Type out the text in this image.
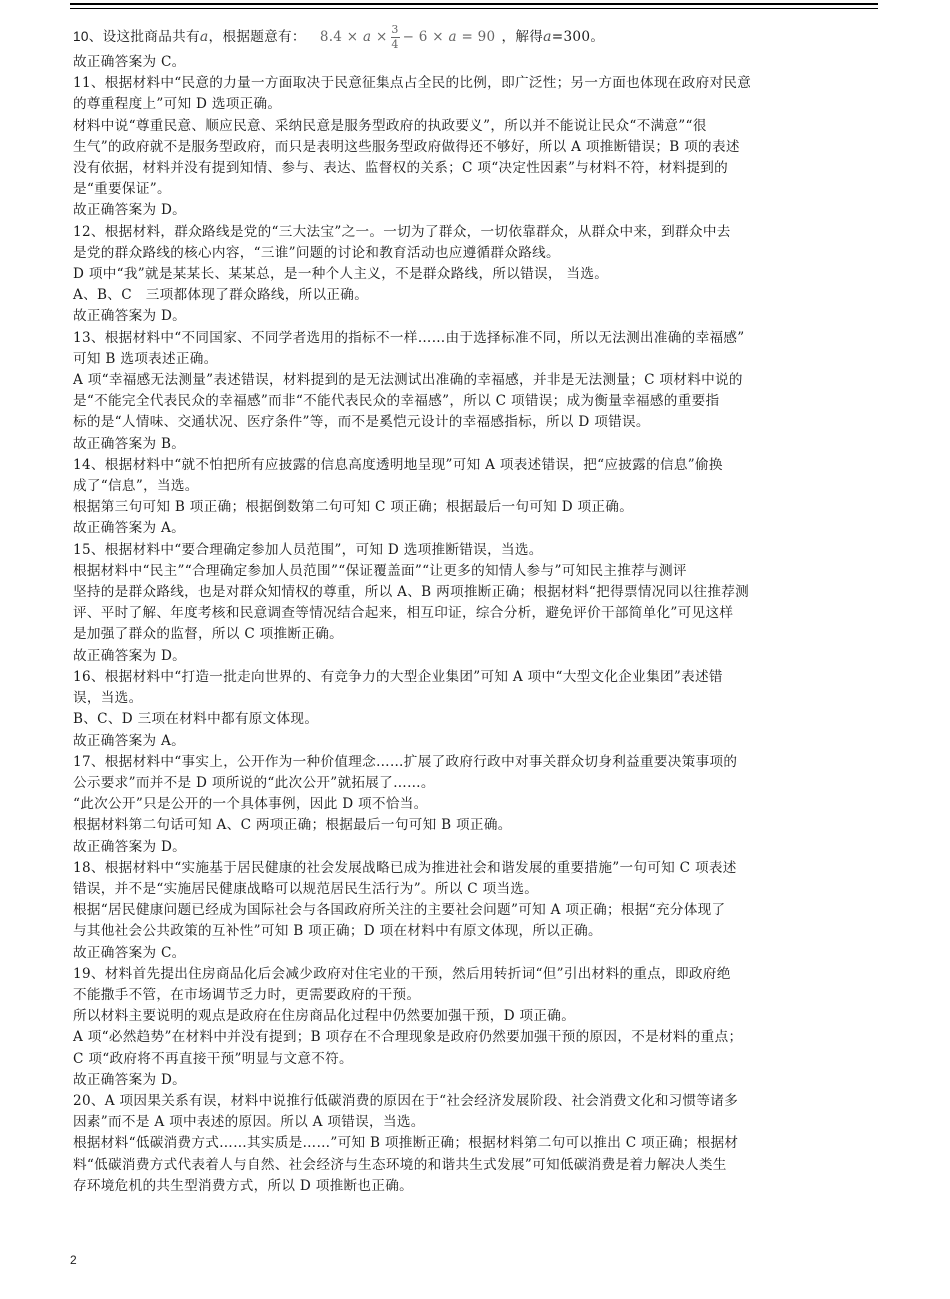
10 、设这批商品共有 a ，根据题意有： 8.4
×
a
× $\frac{3}{4}$ −
6
×
a
=
90 ，解得 a =300 。

故正确答案为 C。

11、根据材料中“民意的力量一方面取决于民意征集点占全民的比例，即广泛性；另一方面也体现在政府对民意

的尊重程度上”可知 D 选项正确。

材料中说“尊重民意、顺应民意、采纳民意是服务型政府的执政要义”，所以并不能说让民众“不满意”“很

生气”的政府就不是服务型政府，而只是表明这些服务型政府做得还不够好，所以 A 项推断错误；B 项的表述

没有依据，材料并没有提到知情、参与、表达、监督权的关系；C 项“决定性因素”与材料不符，材料提到的

是“重要保证”。

故正确答案为 D。

12、根据材料，群众路线是党的“三大法宝”之一。一切为了群众，一切依靠群众，从群众中来，到群众中去

是党的群众路线的核心内容，“三谁”问题的讨论和教育活动也应遵循群众路线。

D 项中“我”就是某某长、某某总，是一种个人主义，不是群众路线，所以错误， 当选。

A、B、C　三项都体现了群众路线，所以正确。

故正确答案为 D。

13、根据材料中“不同国家、不同学者选用的指标不一样……由于选择标准不同，所以无法测出准确的幸福感”

可知 B 选项表述正确。

A 项“幸福感无法测量”表述错误，材料提到的是无法测试出准确的幸福感，并非是无法测量；C 项材料中说的

是“不能完全代表民众的幸福感”而非“不能代表民众的幸福感”，所以 C 项错误；成为衡量幸福感的重要指

标的是“人情味、交通状况、医疗条件”等，而不是奚恺元设计的幸福感指标，所以 D 项错误。

故正确答案为 B。

14、根据材料中“就不怕把所有应披露的信息高度透明地呈现”可知 A 项表述错误，把“应披露的信息”偷换

成了“信息”，当选。

根据第三句可知 B 项正确；根据倒数第二句可知 C 项正确；根据最后一句可知 D 项正确。

故正确答案为 A。

15、根据材料中“要合理确定参加人员范围”，可知 D 选项推断错误，当选。

根据材料中“民主”“合理确定参加人员范围”“保证覆盖面”“让更多的知情人参与”可知民主推荐与测评

坚持的是群众路线，也是对群众知情权的尊重，所以 A、B 两项推断正确；根据材料“把得票情况同以往推荐测

评、平时了解、年度考核和民意调查等情况结合起来，相互印证，综合分析，避免评价干部简单化”可见这样

是加强了群众的监督，所以 C 项推断正确。

故正确答案为 D。

16、根据材料中“打造一批走向世界的、有竞争力的大型企业集团”可知 A 项中“大型文化企业集团”表述错

误，当选。

B、C、D 三项在材料中都有原文体现。

故正确答案为 A。

17、根据材料中“事实上，公开作为一种价值理念……扩展了政府行政中对事关群众切身利益重要决策事项的

公示要求”而并不是 D 项所说的“此次公开”就拓展了……。

“此次公开”只是公开的一个具体事例，因此 D 项不恰当。

根据材料第二句话可知 A、C 两项正确；根据最后一句可知 B 项正确。

故正确答案为 D。

18、根据材料中“实施基于居民健康的社会发展战略已成为推进社会和谐发展的重要措施”一句可知 C 项表述

错误，并不是“实施居民健康战略可以规范居民生活行为”。所以 C 项当选。

根据“居民健康问题已经成为国际社会与各国政府所关注的主要社会问题”可知 A 项正确；根据“充分体现了

与其他社会公共政策的互补性”可知 B 项正确；D 项在材料中有原文体现，所以正确。

故正确答案为 C。

19、材料首先提出住房商品化后会减少政府对住宅业的干预，然后用转折词“但”引出材料的重点，即政府绝

不能撒手不管，在市场调节乏力时，更需要政府的干预。

所以材料主要说明的观点是政府在住房商品化过程中仍然要加强干预，D 项正确。

A 项“必然趋势”在材料中并没有提到；B 项存在不合理现象是政府仍然要加强干预的原因，不是材料的重点；

C 项“政府将不再直接干预”明显与文意不符。

故正确答案为 D。

20、A 项因果关系有误，材料中说推行低碳消费的原因在于“社会经济发展阶段、社会消费文化和习惯等诸多

因素”而不是 A 项中表述的原因。所以 A 项错误，当选。

根据材料“低碳消费方式……其实质是……”可知 B 项推断正确；根据材料第二句可以推出 C 项正确；根据材

料“低碳消费方式代表着人与自然、社会经济与生态环境的和谐共生式发展”可知低碳消费是着力解决人类生

存环境危机的共生型消费方式，所以 D 项推断也正确。

2
